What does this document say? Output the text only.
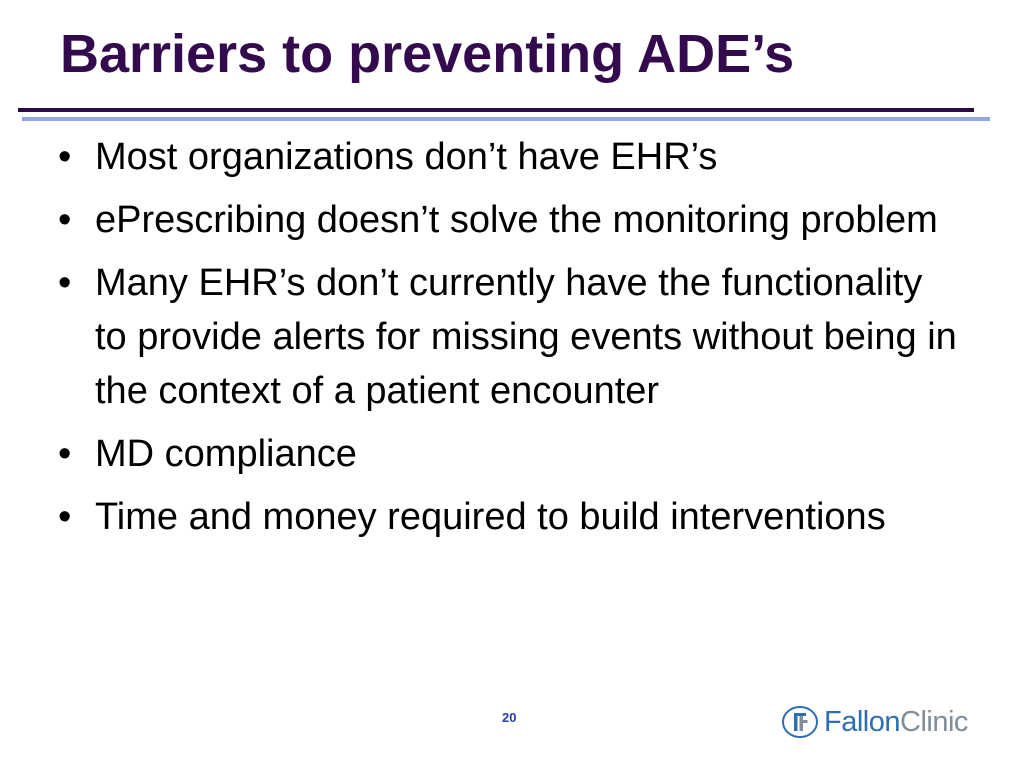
Barriers to preventing ADE’s
• Most organizations don’t have EHR’s
• ePrescribing doesn’t solve the monitoring problem
• Many EHR’s don’t currently have the functionality to provide alerts for missing events without being in the context of a patient encounter
• MD compliance
• Time and money required to build interventions
20	FallonClinic
